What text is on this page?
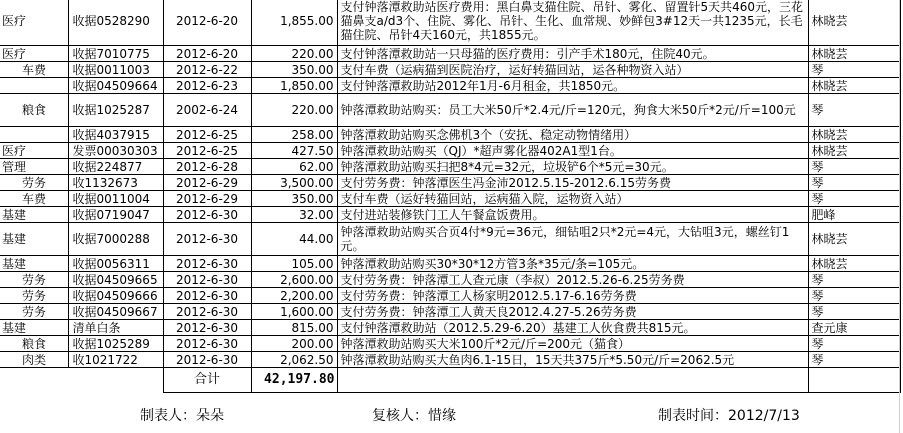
医疗	收据0528290	2012-6-20	1,855.00	支付钟落潭救助站医疗费用：黑白鼻支猫住院、吊针、雾化、留置针5天共460元，三花猫鼻支a/d3个、住院、雾化、吊针、生化、血常规、妙鲜包3#12天一共1235元，长毛猫住院、吊针4天160元，共1855元。	林晓芸
医疗	收据7010775	2012-6-20	220.00	支付钟落潭救助站一只母猫的医疗费用：引产手术180元，住院40元。	林晓芸
车费	收据0011003	2012-6-22	350.00	支付车费（运病猫到医院治疗，运好转猫回站，运各种物资入站）	琴
	收据04509664	2012-6-23	1,850.00	支付钟落潭救助站2012年1月-6月租金，共1850元。	林晓芸
粮食	收据1025287	2002-6-24	220.00	钟落潭救助站购买：员工大米50斤*2.4元/斤=120元，狗食大米50斤*2元/斤=100元	琴
	收据4037915	2012-6-25	258.00	钟落潭救助站购买念佛机3个（安抚、稳定动物情绪用）	林晓芸
医疗	发票00030303	2012-6-25	427.50	钟落潭救助站购买（QJ）*超声雾化器402A1型1台。	林晓芸
管理	收据224877	2012-6-28	62.00	钟落潭救助站购买扫把8*4元=32元，垃圾铲6个*5元=30元。	琴
劳务	收1132673	2012-6-29	3,500.00	支付劳务费：钟落潭医生冯金沛2012.5.15-2012.6.15劳务费	琴
车费	收据0011004	2012-6-29	350.00	支付车费（运好转猫回站，运病猫入院，运物资入站）	琴
基建	收据0719047	2012-6-30	32.00	支付进站装修铁门工人午餐盒饭费用。	肥峰
基建	收据7000288	2012-6-30	44.00	钟落潭救助站购买合页4付*9元=36元，细钻咀2只*2元=4元，大钻咀3元，螺丝钉1元。	林晓芸
基建	收据0056311	2012-6-30	105.00	钟落潭救助站购买30*30*12方管3条*35元/条=105元。	林晓芸
劳务	收据04509665	2012-6-30	2,600.00	支付劳务费：钟落潭工人查元康（李叔）2012.5.26-6.25劳务费	琴
劳务	收据04509666	2012-6-30	2,200.00	支付劳务费：钟落潭工人杨家明2012.5.17-6.16劳务费	琴
劳务	收据04509667	2012-6-30	1,600.00	支付劳务费：钟落潭工人黄天良2012.4.27-5.26劳务费	琴
基建	清单白条	2012-6-30	815.00	支付钟落潭救助站（2012.5.29-6.20）基建工人伙食费共815元。	查元康
粮食	收据1025289	2012-6-30	200.00	钟落潭救助站购买大米100斤*2元/斤=200元（猫食）	琴
肉类	收1021722	2012-6-30	2,062.50	钟落潭救助站购买大鱼肉6.1-15日，15天共375斤*5.50元/斤=2062.5元	琴
		合计	42,197.80		
制表人：朵朵	复核人：惜缘	制表时间：2012/7/13
